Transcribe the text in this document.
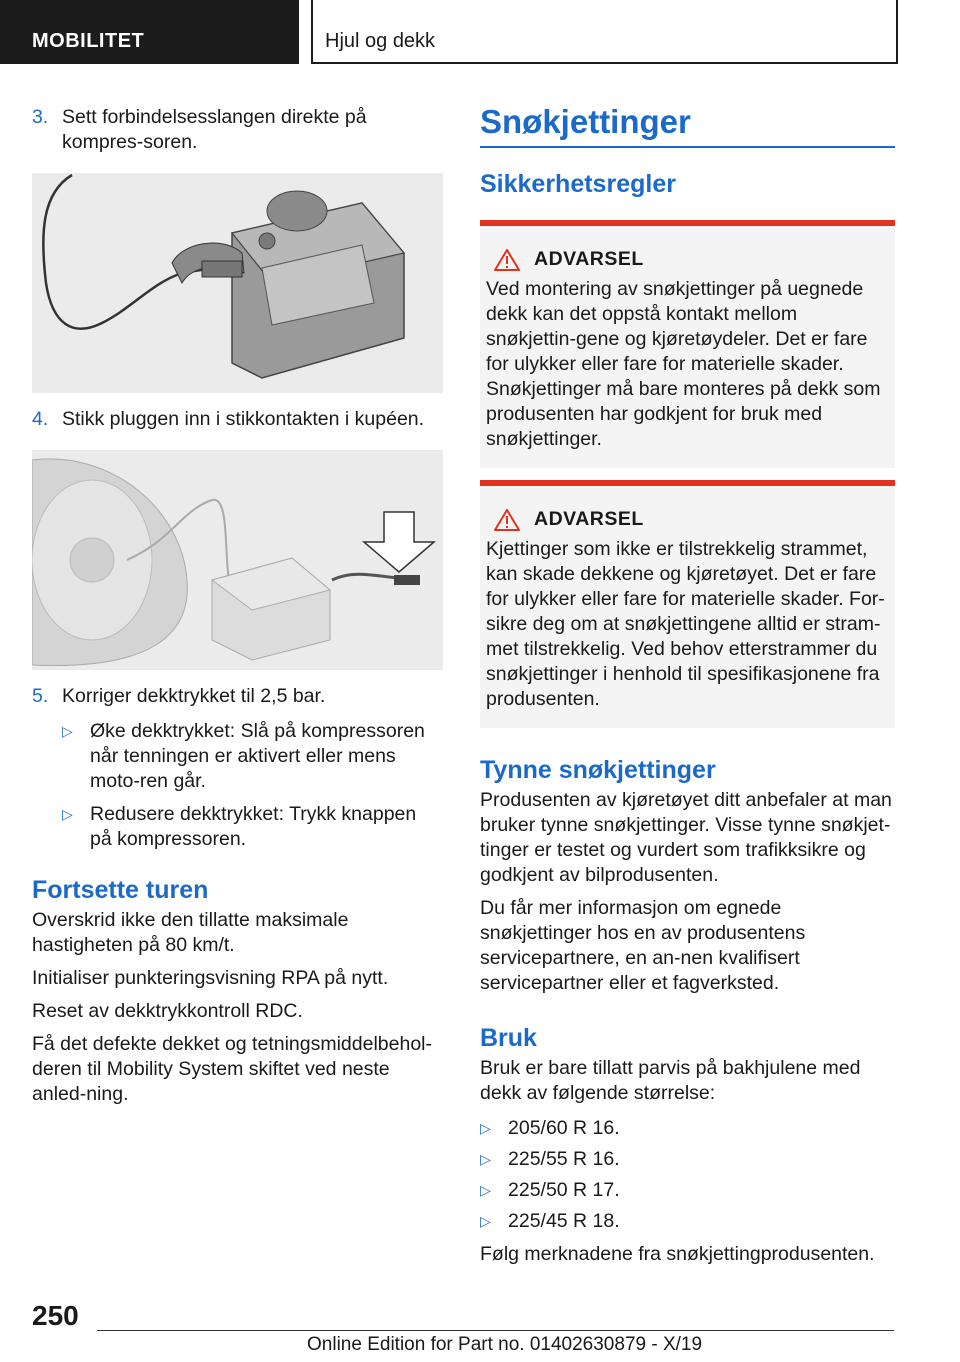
MOBILITET	Hjul og dekk

3. Sett forbindelsesslangen direkte på kompres-soren.

4. Stikk pluggen inn i stikkontakten i kupéen.

5. Korriger dekktrykket til 2,5 bar.

▷ Øke dekktrykket: Slå på kompressoren når tenningen er aktivert eller mens moto-ren går.

▷ Redusere dekktrykket: Trykk knappen på kompressoren.

Fortsette turen

Overskrid ikke den tillatte maksimale hastigheten på 80 km/t.

Initialiser punkteringsvisning RPA på nytt.

Reset av dekktrykkontroll RDC.

Få det defekte dekket og tetningsmiddelbehol-deren til Mobility System skiftet ved neste anled-ning.

Snøkjettinger
Sikkerhetsregler
ADVARSEL

Ved montering av snøkjettinger på uegnede dekk kan det oppstå kontakt mellom snøkjettin-gene og kjøretøydeler. Det er fare for ulykker eller fare for materielle skader. Snøkjettinger må bare monteres på dekk som produsenten har godkjent for bruk med snøkjettinger.

ADVARSEL

Kjettinger som ikke er tilstrekkelig strammet, kan skade dekkene og kjøretøyet. Det er fare for ulykker eller fare for materielle skader. For-sikre deg om at snøkjettingene alltid er stram-met tilstrekkelig. Ved behov etterstrammer du snøkjettinger i henhold til spesifikasjonene fra produsenten.

Tynne snøkjettinger

Produsenten av kjøretøyet ditt anbefaler at man bruker tynne snøkjettinger. Visse tynne snøkjet-tinger er testet og vurdert som trafikksikre og godkjent av bilprodusenten.

Du får mer informasjon om egnede snøkjettinger hos en av produsentens servicepartnere, en an-nen kvalifisert servicepartner eller et fagverksted.

Bruk

Bruk er bare tillatt parvis på bakhjulene med dekk av følgende størrelse:

▷ 205/60 R 16.

▷ 225/55 R 16.

▷ 225/50 R 17.

▷ 225/45 R 18.

Følg merknadene fra snøkjettingprodusenten.

250
Online Edition for Part no. 01402630879 - X/19
